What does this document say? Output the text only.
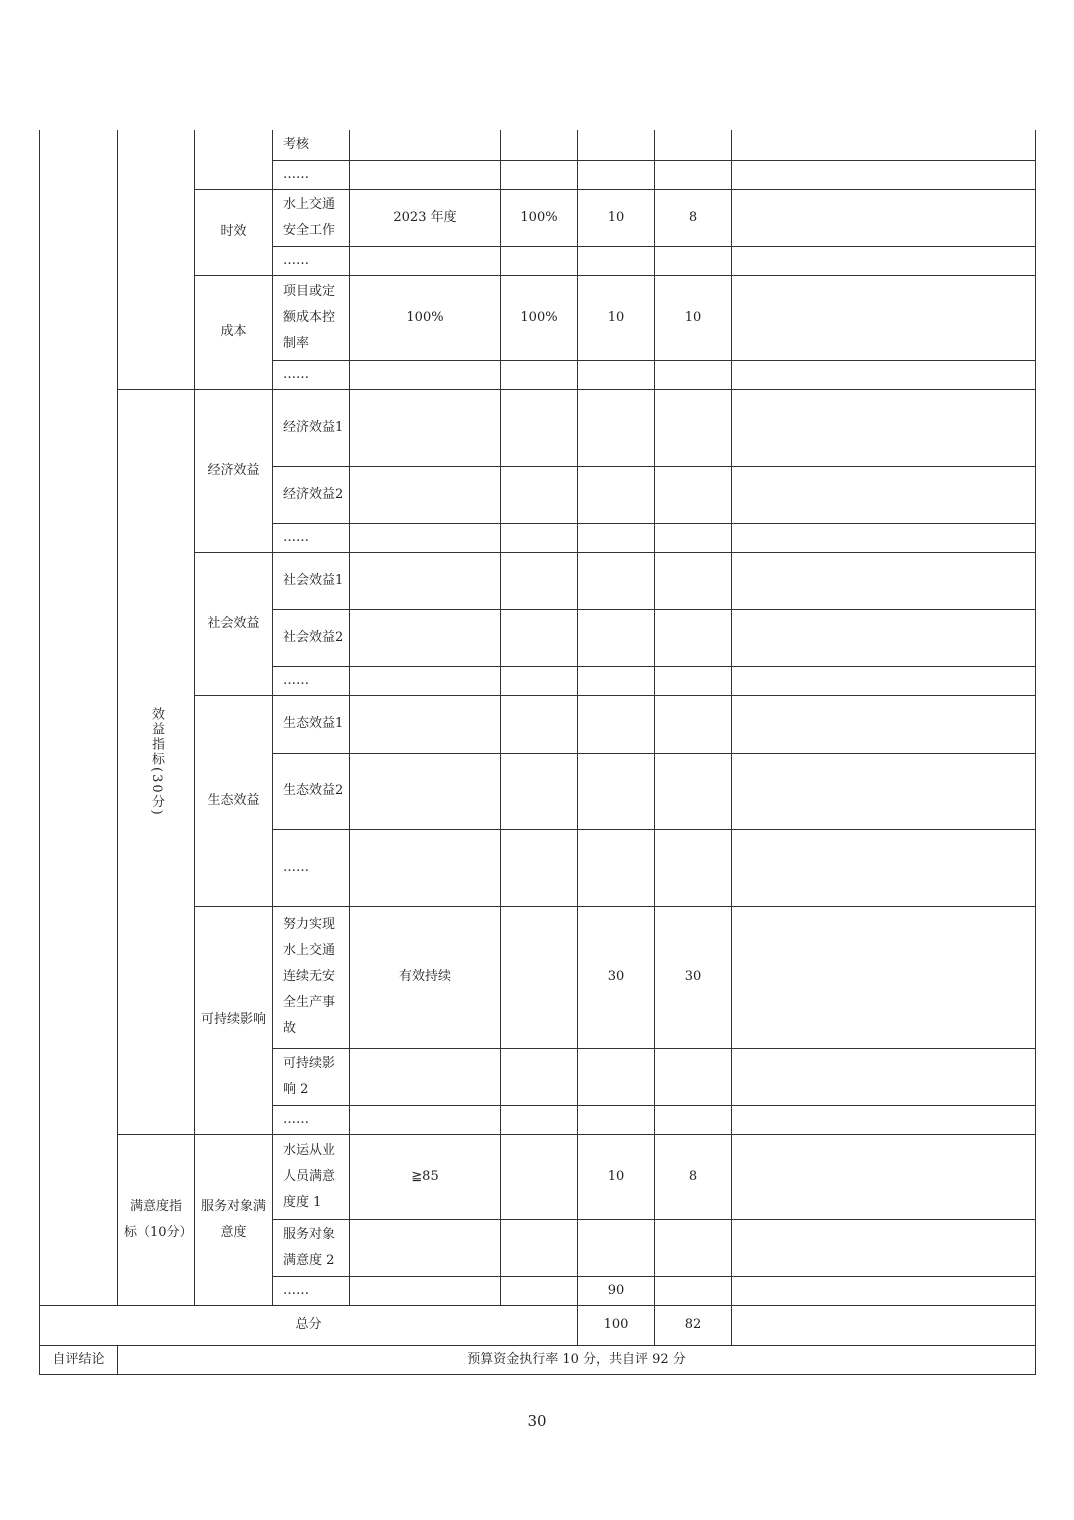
			考核					
			……					
		时效	水上交通安全工作	2023 年度	100%	10	8	
			……					
		成本	项目或定额成本控制率	100%	100%	10	10	
			……					
	效益指标(30分)	经济效益	经济效益1					
			经济效益2					
			……					
		社会效益	社会效益1					
			社会效益2					
			……					
		生态效益	生态效益1					
			生态效益2					
			……					
		可持续影响	努力实现水上交通连续无安全生产事故	有效持续		30	30	
			可持续影响 2					
			……					
	满意度指标（10分）	服务对象满意度	水运从业人员满意度度 1	≧85		10	8	
			服务对象满意度 2					
			……			90		
总分						100	82	
自评结论	预算资金执行率 10 分，共自评 92 分							
30
